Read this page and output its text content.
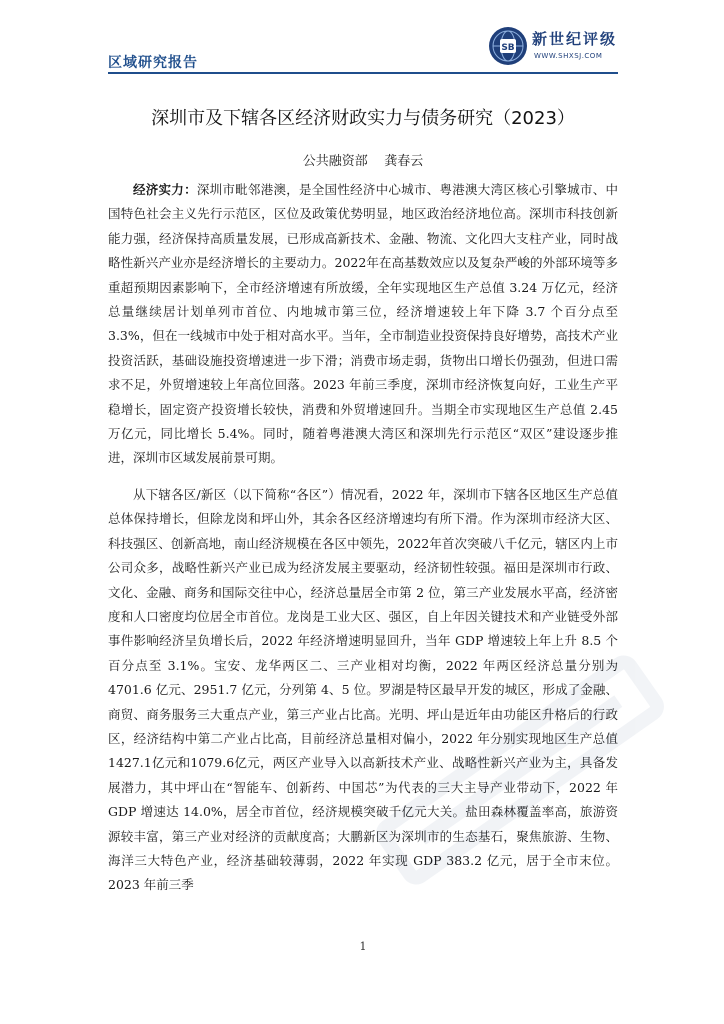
区域研究报告
SB 新世纪评级
WWW.SHXSJ.COM
深圳市及下辖各区经济财政实力与债务研究（2023）
公共融资部    龚春云

经济实力：深圳市毗邻港澳，是全国性经济中心城市、粤港澳大湾区核心引擎城市、中国特色社会主义先行示范区，区位及政策优势明显，地区政治经济地位高。深圳市科技创新能力强，经济保持高质量发展，已形成高新技术、金融、物流、文化四大支柱产业，同时战略性新兴产业亦是经济增长的主要动力。2022年在高基数效应以及复杂严峻的外部环境等多重超预期因素影响下，全市经济增速有所放缓，全年实现地区生产总值 3.24 万亿元，经济总量继续居计划单列市首位、内地城市第三位，经济增速较上年下降 3.7 个百分点至 3.3%，但在一线城市中处于相对高水平。当年，全市制造业投资保持良好增势，高技术产业投资活跃，基础设施投资增速进一步下滑；消费市场走弱，货物出口增长仍强劲，但进口需求不足，外贸增速较上年高位回落。2023 年前三季度，深圳市经济恢复向好，工业生产平稳增长，固定资产投资增长较快，消费和外贸增速回升。当期全市实现地区生产总值 2.45 万亿元，同比增长 5.4%。同时，随着粤港澳大湾区和深圳先行示范区“双区”建设逐步推进，深圳市区域发展前景可期。

从下辖各区/新区（以下简称“各区”）情况看，2022 年，深圳市下辖各区地区生产总值总体保持增长，但除龙岗和坪山外，其余各区经济增速均有所下滑。作为深圳市经济大区、科技强区、创新高地，南山经济规模在各区中领先，2022年首次突破八千亿元，辖区内上市公司众多，战略性新兴产业已成为经济发展主要驱动，经济韧性较强。福田是深圳市行政、文化、金融、商务和国际交往中心，经济总量居全市第 2 位，第三产业发展水平高，经济密度和人口密度均位居全市首位。龙岗是工业大区、强区，自上年因关键技术和产业链受外部事件影响经济呈负增长后，2022 年经济增速明显回升，当年 GDP 增速较上年上升 8.5 个百分点至 3.1%。宝安、龙华两区二、三产业相对均衡，2022 年两区经济总量分别为 4701.6 亿元、2951.7 亿元，分列第 4、5 位。罗湖是特区最早开发的城区，形成了金融、商贸、商务服务三大重点产业，第三产业占比高。光明、坪山是近年由功能区升格后的行政区，经济结构中第二产业占比高，目前经济总量相对偏小，2022 年分别实现地区生产总值1427.1亿元和1079.6亿元，两区产业导入以高新技术产业、战略性新兴产业为主，具备发展潜力，其中坪山在“智能车、创新药、中国芯”为代表的三大主导产业带动下，2022 年 GDP 增速达 14.0%，居全市首位，经济规模突破千亿元大关。盐田森林覆盖率高，旅游资源较丰富，第三产业对经济的贡献度高；大鹏新区为深圳市的生态基石，聚焦旅游、生物、海洋三大特色产业，经济基础较薄弱，2022 年实现 GDP 383.2 亿元，居于全市末位。2023 年前三季

1
